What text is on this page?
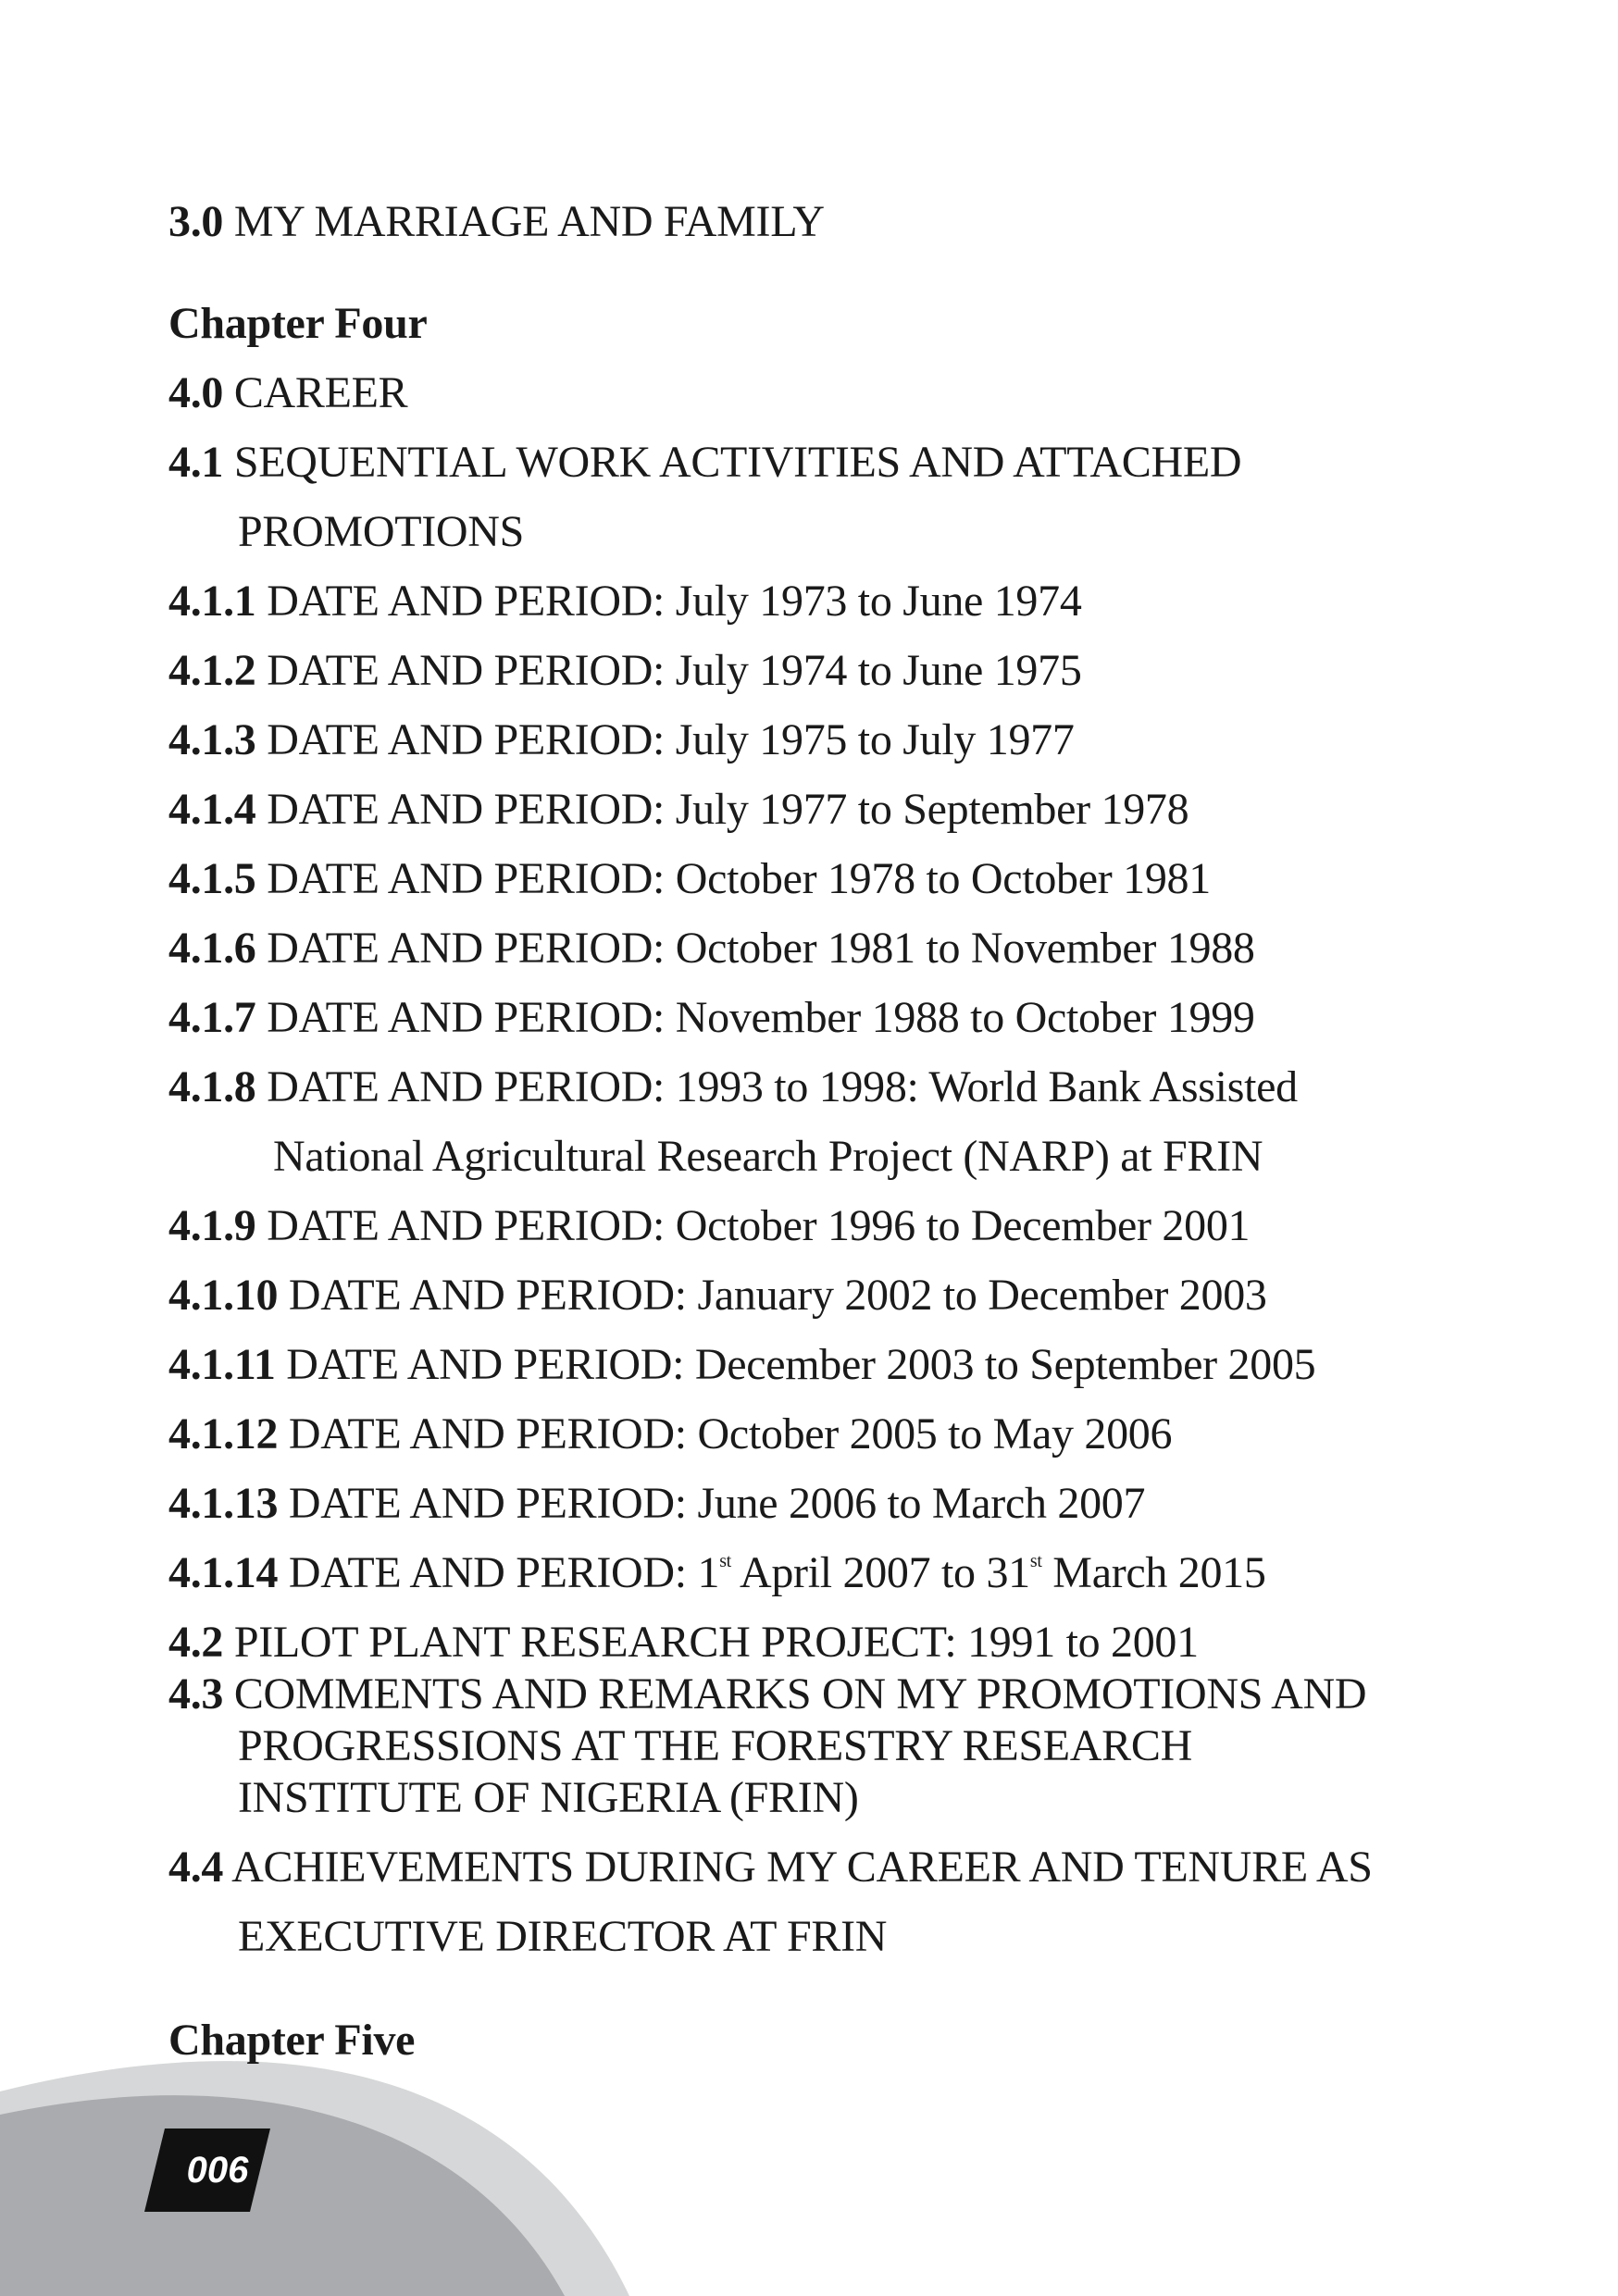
006
3.0 MY MARRIAGE AND FAMILY
Chapter Four
4.0 CAREER
4.1 SEQUENTIAL WORK ACTIVITIES AND ATTACHED
PROMOTIONS
4.1.1 DATE AND PERIOD: July 1973 to June 1974
4.1.2 DATE AND PERIOD: July 1974 to June 1975
4.1.3 DATE AND PERIOD: July 1975 to July 1977
4.1.4 DATE AND PERIOD: July 1977 to September 1978
4.1.5 DATE AND PERIOD: October 1978 to October 1981
4.1.6 DATE AND PERIOD: October 1981 to November 1988
4.1.7 DATE AND PERIOD: November 1988 to October 1999
4.1.8 DATE AND PERIOD: 1993 to 1998: World Bank Assisted
National Agricultural Research Project (NARP) at FRIN
4.1.9 DATE AND PERIOD: October 1996 to December 2001
4.1.10 DATE AND PERIOD: January 2002 to December 2003
4.1.11 DATE AND PERIOD: December 2003 to September 2005
4.1.12 DATE AND PERIOD: October 2005 to May 2006
4.1.13 DATE AND PERIOD: June 2006 to March 2007
4.1.14 DATE AND PERIOD: 1st April 2007 to 31st March 2015
4.2 PILOT PLANT RESEARCH PROJECT: 1991 to 2001
4.3 COMMENTS AND REMARKS ON MY PROMOTIONS AND
PROGRESSIONS AT THE FORESTRY RESEARCH
INSTITUTE OF NIGERIA (FRIN)
4.4 ACHIEVEMENTS DURING MY CAREER AND TENURE AS
EXECUTIVE DIRECTOR AT FRIN
Chapter Five
